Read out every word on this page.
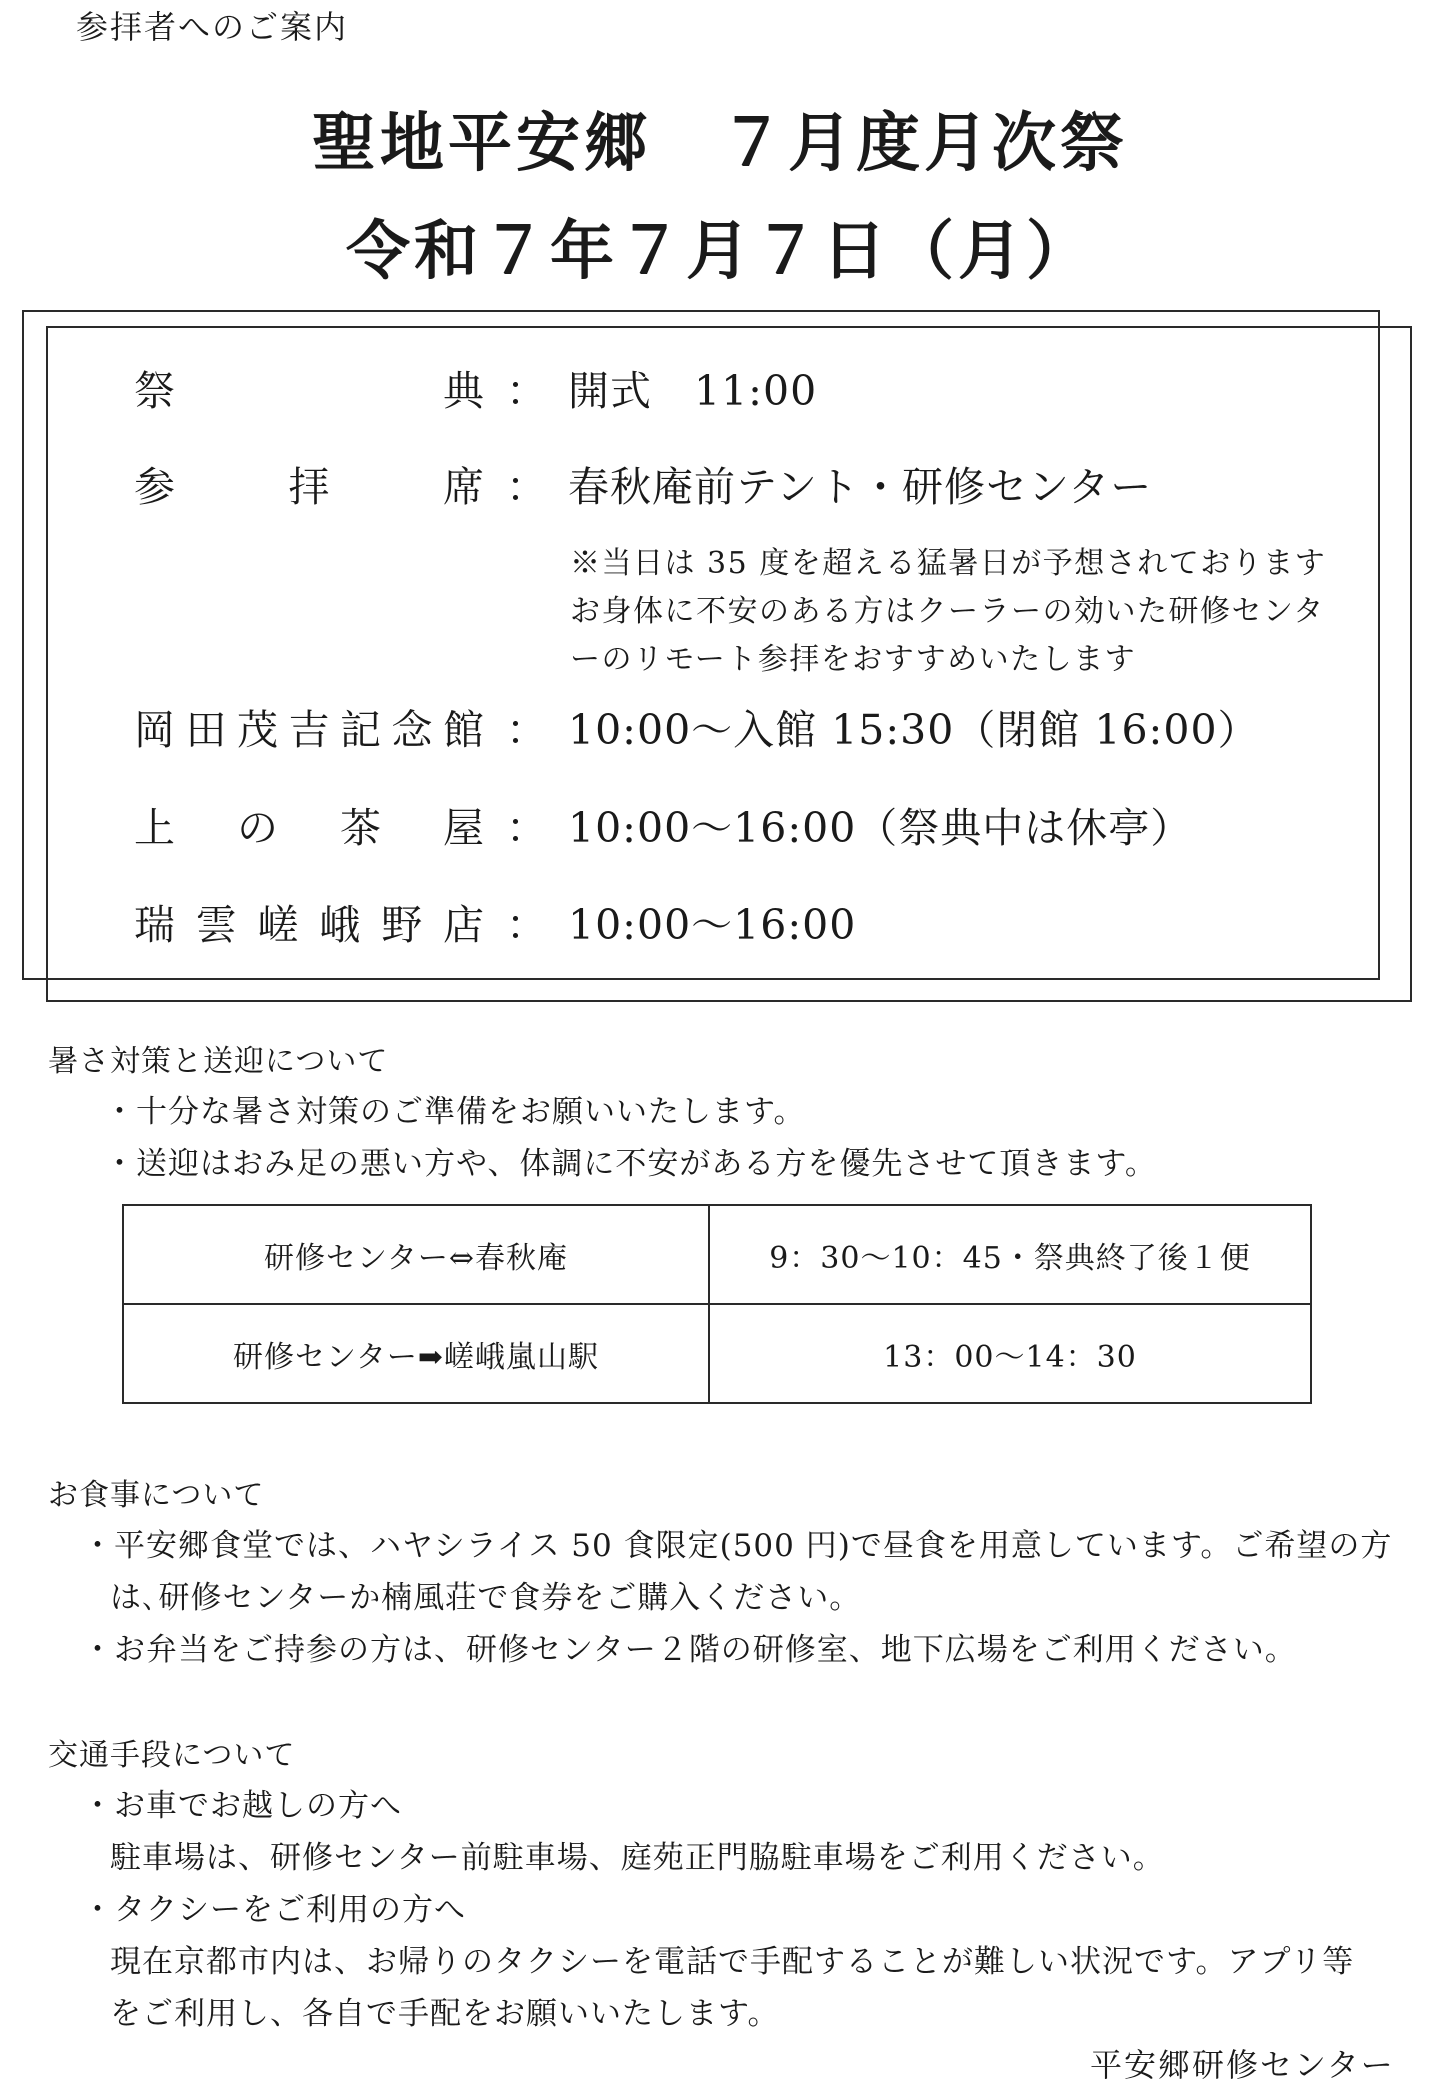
参拝者へのご案内
聖地平安郷　７月度月次祭
令和７年７月７日（月）
祭	典 ： 開式　11:00
参	拝	席 ： 春秋庵前テント・研修センター
※当日は 35 度を超える猛暑日が予想されております
お身体に不安のある方はクーラーの効いた研修センタ
ーのリモート参拝をおすすめいたします
岡 田 茂 吉 記 念 館 ： 10:00～入館 15:30（閉館 16:00）
上 の 茶 屋 ： 10:00～16:00（祭典中は休亭）
瑞 雲 嵯 峨 野 店 ： 10:00～16:00
暑さ対策と送迎について
・十分な暑さ対策のご準備をお願いいたします。
・送迎はおみ足の悪い方や、体調に不安がある方を優先させて頂きます。
研修センター⇔春秋庵	9：30～10：45・祭典終了後１便
研修センター➡嵯峨嵐山駅	13：00～14：30
お食事について
・平安郷食堂では、ハヤシライス 50 食限定(500 円)で昼食を用意しています。ご希望の方
は､研修センターか楠風荘で食券をご購入ください。
・お弁当をご持参の方は、研修センター２階の研修室、地下広場をご利用ください。
交通手段について
・お車でお越しの方へ
駐車場は、研修センター前駐車場、庭苑正門脇駐車場をご利用ください。
・タクシーをご利用の方へ
現在京都市内は、お帰りのタクシーを電話で手配することが難しい状況です。アプリ等
をご利用し、各自で手配をお願いいたします。
平安郷研修センター
